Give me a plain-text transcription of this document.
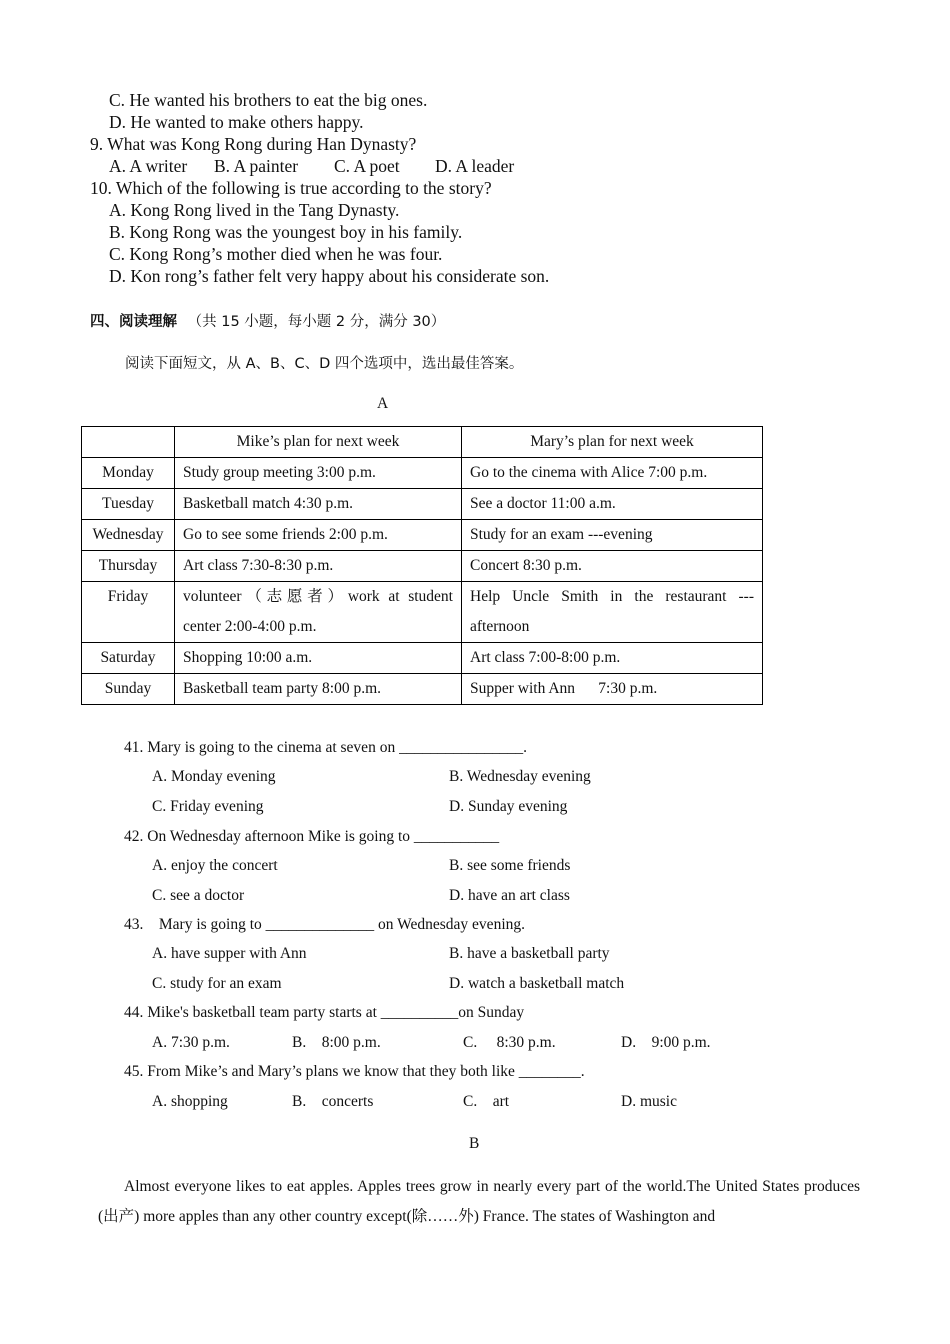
C. He wanted his brothers to eat the big ones.
D. He wanted to make others happy.
9. What was Kong Rong during Han Dynasty?
A. A writer B. A painter C. A poet D. A leader
10. Which of the following is true according to the story?
A. Kong Rong lived in the Tang Dynasty.
B. Kong Rong was the youngest boy in his family.
C. Kong Rong’s mother died when he was four.
D. Kon rong’s father felt very happy about his considerate son.
四、阅读理解 （共 15 小题，每小题 2 分，满分 30）
阅读下面短文，从 A、B、C、D 四个选项中，选出最佳答案。
A
	Mike’s plan for next week	Mary’s plan for next week
Monday	Study group meeting 3:00 p.m.	Go to the cinema with Alice 7:00 p.m.
Tuesday	Basketball match 4:30 p.m.	See a doctor 11:00 a.m.
Wednesday	Go to see some friends 2:00 p.m.	Study for an exam ---evening
Thursday	Art class 7:30-8:30 p.m.	Concert 8:30 p.m.
Friday	volunteer（志愿者）work at student center 2:00-4:00 p.m.	Help Uncle Smith in the restaurant ---afternoon
Saturday	Shopping 10:00 a.m.	Art class 7:00-8:00 p.m.
Sunday	Basketball team party 8:00 p.m.	Supper with Ann      7:30 p.m.
41. Mary is going to the cinema at seven on ________________.
A. Monday evening	B. Wednesday evening
C. Friday evening	D. Sunday evening
42. On Wednesday afternoon Mike is going to ___________
A. enjoy the concert	B. see some friends
C. see a doctor	D. have an art class
43.    Mary is going to ______________ on Wednesday evening.
A. have supper with Ann	B. have a basketball party
C. study for an exam	D. watch a basketball match
44. Mike's basketball team party starts at __________on Sunday
A. 7:30 p.m.	B.    8:00 p.m.	C.     8:30 p.m.	D.    9:00 p.m.
45. From Mike’s and Mary’s plans we know that they both like ________.
A. shopping	B.    concerts	C.    art	D. music
B
Almost everyone likes to eat apples. Apples trees grow in nearly every part of the world.The United States produces (出产) more apples than any other country except(除……外) France. The states of Washington and
